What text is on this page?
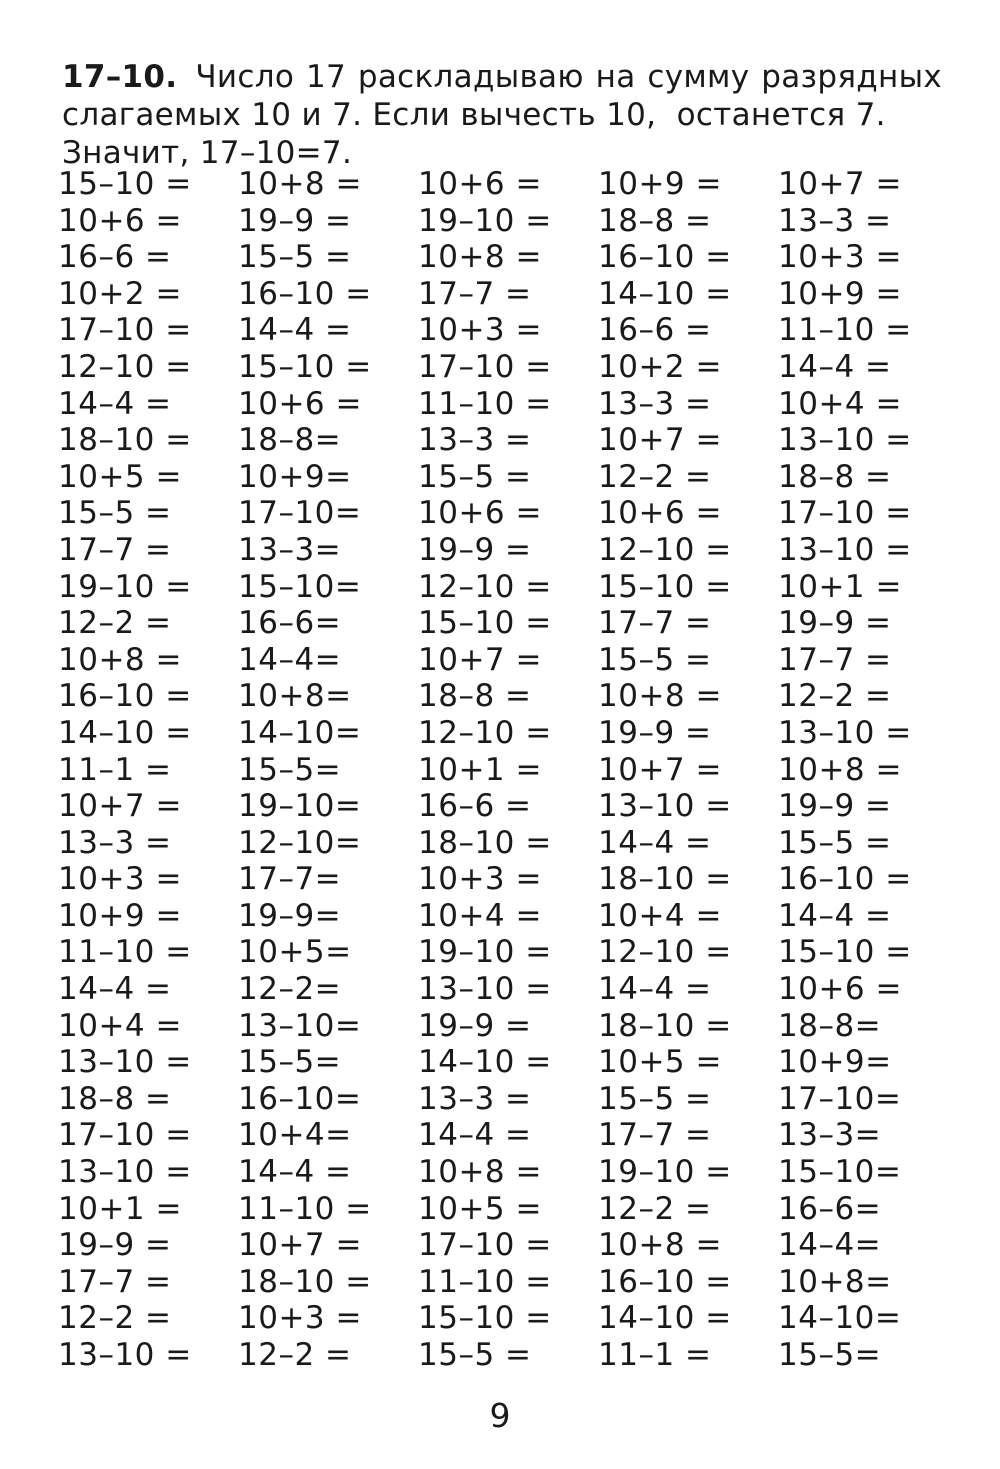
17–10. Число 17 раскладываю на сумму разрядных
слагаемых 10 и 7. Если вычесть 10,  останется 7.
Значит, 17–10=7.
15–10 =
10+6 =
16–6 =
10+2 =
17–10 =
12–10 =
14–4 =
18–10 =
10+5 =
15–5 =
17–7 =
19–10 =
12–2 =
10+8 =
16–10 =
14–10 =
11–1 =
10+7 =
13–3 =
10+3 =
10+9 =
11–10 =
14–4 =
10+4 =
13–10 =
18–8 =
17–10 =
13–10 =
10+1 =
19–9 =
17–7 =
12–2 =
13–10 =
10+8 =
19–9 =
15–5 =
16–10 =
14–4 =
15–10 =
10+6 =
18–8=
10+9=
17–10=
13–3=
15–10=
16–6=
14–4=
10+8=
14–10=
15–5=
19–10=
12–10=
17–7=
19–9=
10+5=
12–2=
13–10=
15–5=
16–10=
10+4=
14–4 =
11–10 =
10+7 =
18–10 =
10+3 =
12–2 =
10+6 =
19–10 =
10+8 =
17–7 =
10+3 =
17–10 =
11–10 =
13–3 =
15–5 =
10+6 =
19–9 =
12–10 =
15–10 =
10+7 =
18–8 =
12–10 =
10+1 =
16–6 =
18–10 =
10+3 =
10+4 =
19–10 =
13–10 =
19–9 =
14–10 =
13–3 =
14–4 =
10+8 =
10+5 =
17–10 =
11–10 =
15–10 =
15–5 =
10+9 =
18–8 =
16–10 =
14–10 =
16–6 =
10+2 =
13–3 =
10+7 =
12–2 =
10+6 =
12–10 =
15–10 =
17–7 =
15–5 =
10+8 =
19–9 =
10+7 =
13–10 =
14–4 =
18–10 =
10+4 =
12–10 =
14–4 =
18–10 =
10+5 =
15–5 =
17–7 =
19–10 =
12–2 =
10+8 =
16–10 =
14–10 =
11–1 =
10+7 =
13–3 =
10+3 =
10+9 =
11–10 =
14–4 =
10+4 =
13–10 =
18–8 =
17–10 =
13–10 =
10+1 =
19–9 =
17–7 =
12–2 =
13–10 =
10+8 =
19–9 =
15–5 =
16–10 =
14–4 =
15–10 =
10+6 =
18–8=
10+9=
17–10=
13–3=
15–10=
16–6=
14–4=
10+8=
14–10=
15–5=
9
